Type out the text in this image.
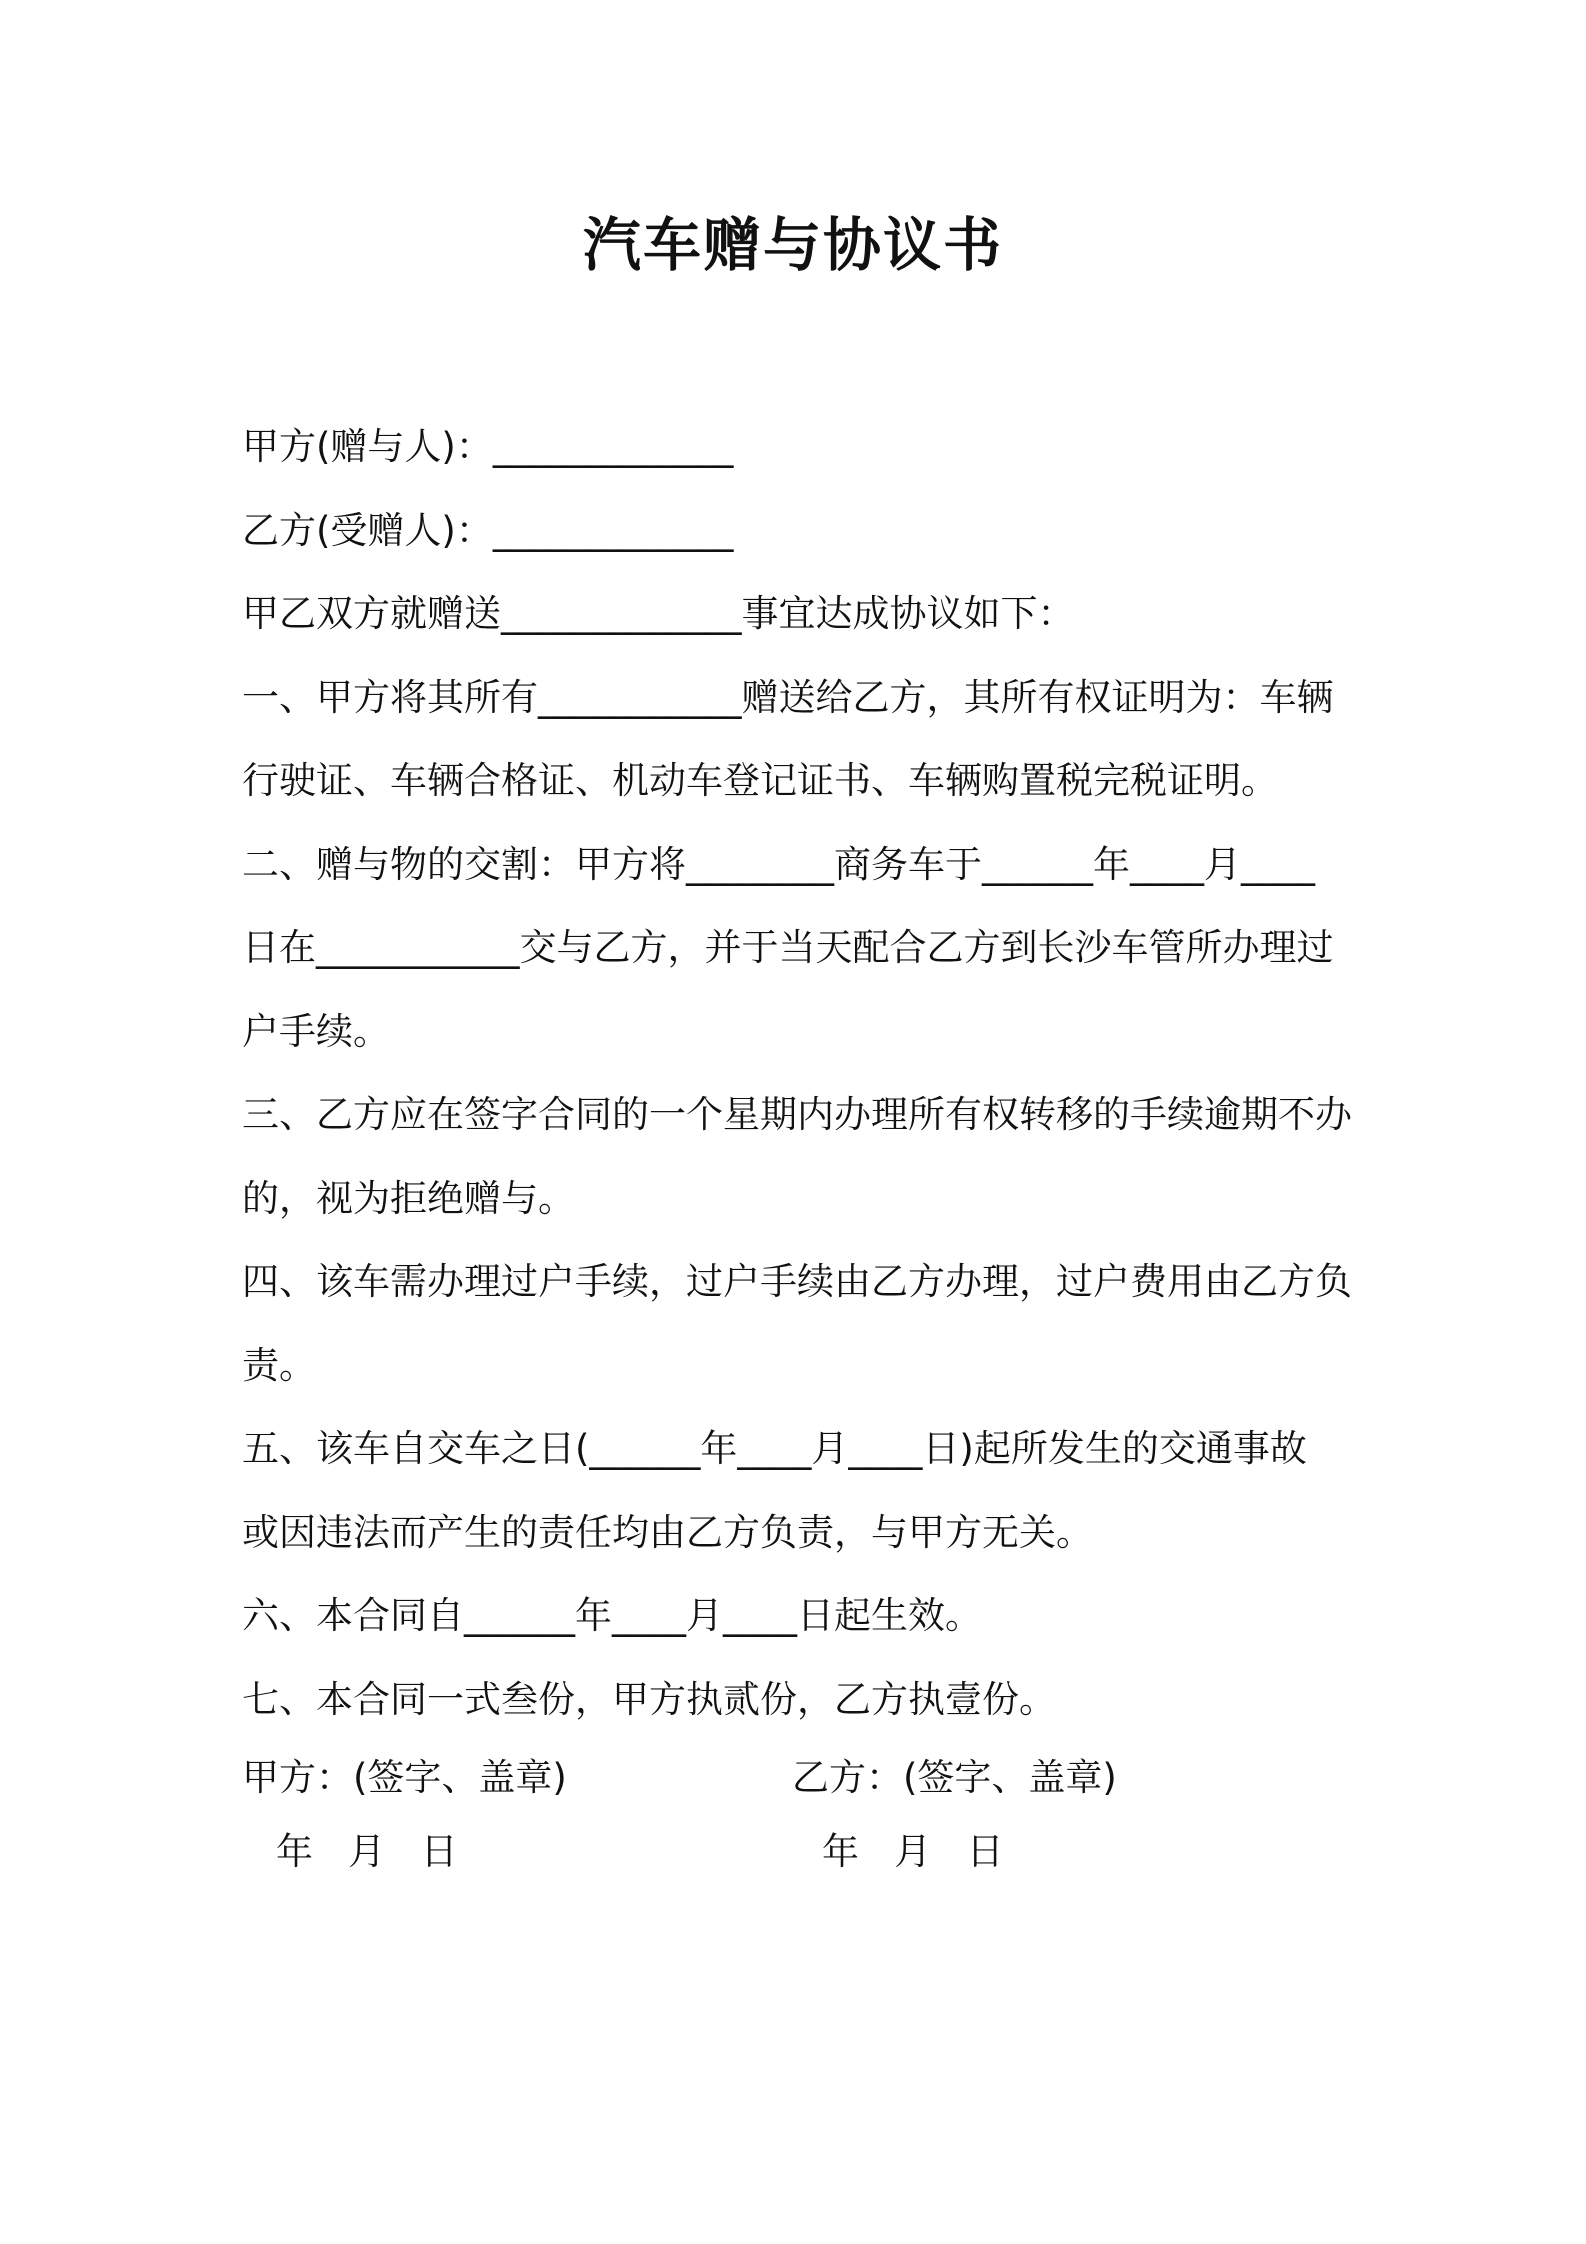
汽车赠与协议书
甲方(赠与人)：_____________
乙方(受赠人)：_____________
甲乙双方就赠送_____________事宜达成协议如下：
一、甲方将其所有___________赠送给乙方，其所有权证明为：车辆
行驶证、车辆合格证、机动车登记证书、车辆购置税完税证明。
二、赠与物的交割：甲方将________商务车于______年____月____
日在___________交与乙方，并于当天配合乙方到长沙车管所办理过
户手续。
三、乙方应在签字合同的一个星期内办理所有权转移的手续逾期不办
的，视为拒绝赠与。
四、该车需办理过户手续，过户手续由乙方办理，过户费用由乙方负
责。
五、该车自交车之日(______年____月____日)起所发生的交通事故
或因违法而产生的责任均由乙方负责，与甲方无关。
六、本合同自______年____月____日起生效。
七、本合同一式叁份，甲方执贰份，乙方执壹份。
甲方：(签字、盖章)
年   月   日
乙方：(签字、盖章)
年   月   日
